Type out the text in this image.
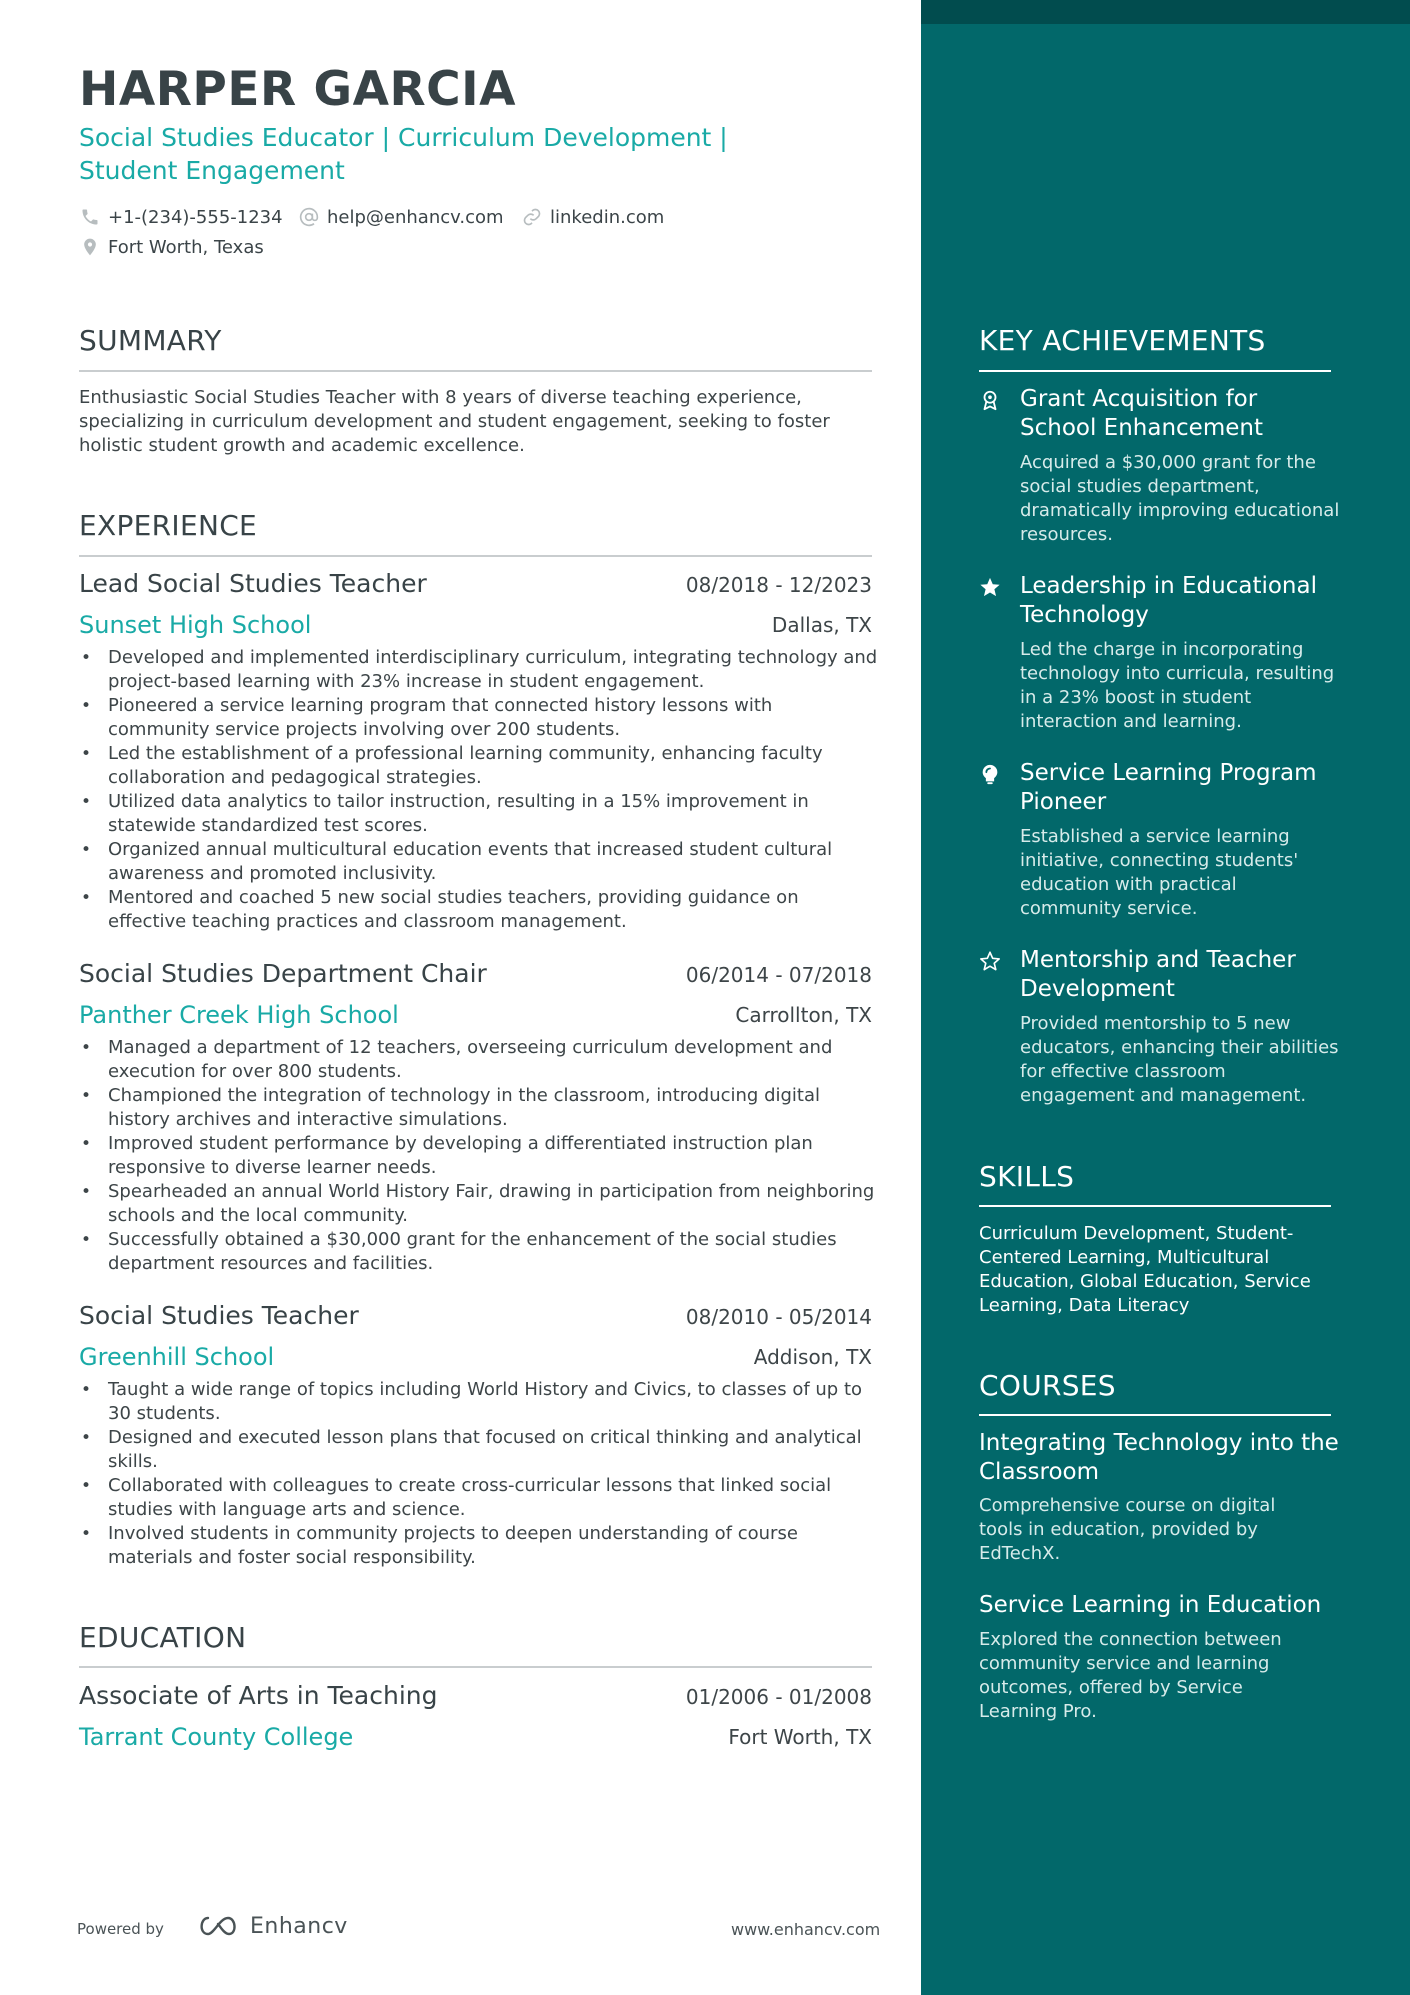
HARPER GARCIA
Social Studies Educator | Curriculum Development |
Student Engagement
+1-(234)-555-1234 help@enhancv.com	linkedin.com
Fort Worth, Texas
SUMMARY
Enthusiastic Social Studies Teacher with 8 years of diverse teaching experience, specializing in curriculum development and student engagement, seeking to foster holistic student growth and academic excellence.
EXPERIENCE
Lead Social Studies Teacher	08/2018 - 12/2023
Sunset High School	Dallas, TX
• Developed and implemented interdisciplinary curriculum, integrating technology and project-based learning with 23% increase in student engagement.
• Pioneered a service learning program that connected history lessons with community service projects involving over 200 students.
• Led the establishment of a professional learning community, enhancing faculty collaboration and pedagogical strategies.
• Utilized data analytics to tailor instruction, resulting in a 15% improvement in statewide standardized test scores.
• Organized annual multicultural education events that increased student cultural awareness and promoted inclusivity.
• Mentored and coached 5 new social studies teachers, providing guidance on effective teaching practices and classroom management.
Social Studies Department Chair	06/2014 - 07/2018
Panther Creek High School	Carrollton, TX
• Managed a department of 12 teachers, overseeing curriculum development and execution for over 800 students.
• Championed the integration of technology in the classroom, introducing digital history archives and interactive simulations.
• Improved student performance by developing a differentiated instruction plan responsive to diverse learner needs.
• Spearheaded an annual World History Fair, drawing in participation from neighboring schools and the local community.
• Successfully obtained a $30,000 grant for the enhancement of the social studies department resources and facilities.
Social Studies Teacher	08/2010 - 05/2014
Greenhill School	Addison, TX
• Taught a wide range of topics including World History and Civics, to classes of up to 30 students.
• Designed and executed lesson plans that focused on critical thinking and analytical skills.
• Collaborated with colleagues to create cross-curricular lessons that linked social studies with language arts and science.
• Involved students in community projects to deepen understanding of course materials and foster social responsibility.
EDUCATION
Associate of Arts in Teaching	01/2006 - 01/2008
Tarrant County College	Fort Worth, TX
Powered by	Enhancv	www.enhancv.com
KEY ACHIEVEMENTS
Grant Acquisition for School Enhancement
Acquired a $30,000 grant for the social studies department, dramatically improving educational resources.
Leadership in Educational Technology
Led the charge in incorporating technology into curricula, resulting in a 23% boost in student interaction and learning.
Service Learning Program Pioneer
Established a service learning initiative, connecting students' education with practical community service.
Mentorship and Teacher Development
Provided mentorship to 5 new educators, enhancing their abilities for effective classroom engagement and management.
SKILLS
Curriculum Development, Student-Centered Learning, Multicultural Education, Global Education, Service Learning, Data Literacy
COURSES
Integrating Technology into the Classroom
Comprehensive course on digital tools in education, provided by EdTechX.
Service Learning in Education
Explored the connection between community service and learning outcomes, offered by Service Learning Pro.
